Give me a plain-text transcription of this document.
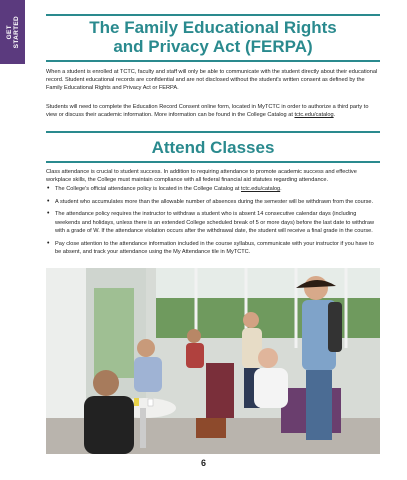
GET
STARTED	The Family Educational Rights
and Privacy Act (FERPA)
When a student is enrolled at TCTC, faculty and staff will only be able to communicate with the student directly about their educational record. Student educational records are confidential and are not disclosed without the student's written consent as defined by the Family Educational Rights and Privacy Act or FERPA.
Students will need to complete the Education Record Consent online form, located in MyTCTC in order to authorize a third party to view or discuss their academic information. More information can be found in the College Catalog at tctc.edu/catalog.
Attend Classes
Class attendance is crucial to student success. In addition to requiring attendance to promote academic success and effective workplace skills, the College must maintain compliance with all federal financial aid statutes regarding attendance.
• The College's official attendance policy is located in the College Catalog at tctc.edu/catalog.
• A student who accumulates more than the allowable number of absences during the semester will be withdrawn from the course.
• The attendance policy requires the instructor to withdraw a student who is absent 14 consecutive calendar days (including weekends and holidays, unless there is an extended College scheduled break of 5 or more days) before the last date to withdraw with a grade of W. If the attendance violation occurs after the withdrawal date, the student will receive a final grade in the course.
• Pay close attention to the attendance information included in the course syllabus, communicate with your instructor if you have to be absent, and track your attendance using the My Attendance tile in MyTCTC.
6
